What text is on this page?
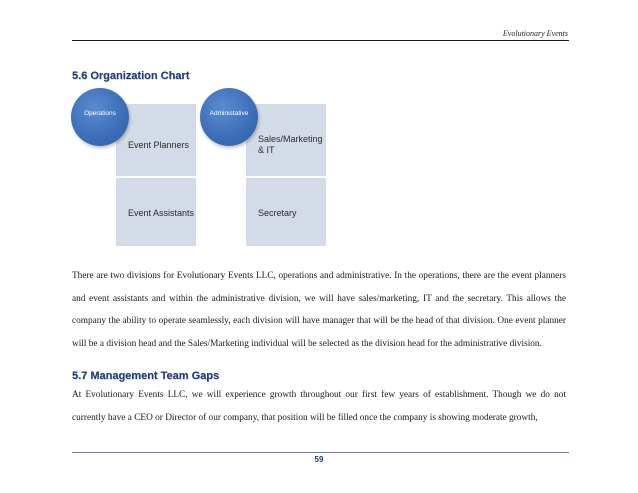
Evolutionary Events
5.6 Organization Chart
Event Planners
Event Assistants
Sales/Marketing & IT
Secretary
Operations	Administative

There are two divisions for Evolutionary Events LLC, operations and administrative. In the operations, there are the event planners and event assistants and within the administrative division, we will have sales/marketing, IT and the secretary. This allows the company the ability to operate seamlessly, each division will have manager that will be the head of that division. One event planner will be a division head and the Sales/Marketing individual will be selected as the division head for the administrative division.

5.7 Management Team Gaps

At Evolutionary Events LLC, we will experience growth throughout our first few years of establishment. Though we do not currently have a CEO or Director of our company, that position will be filled once the company is showing moderate growth,

59
